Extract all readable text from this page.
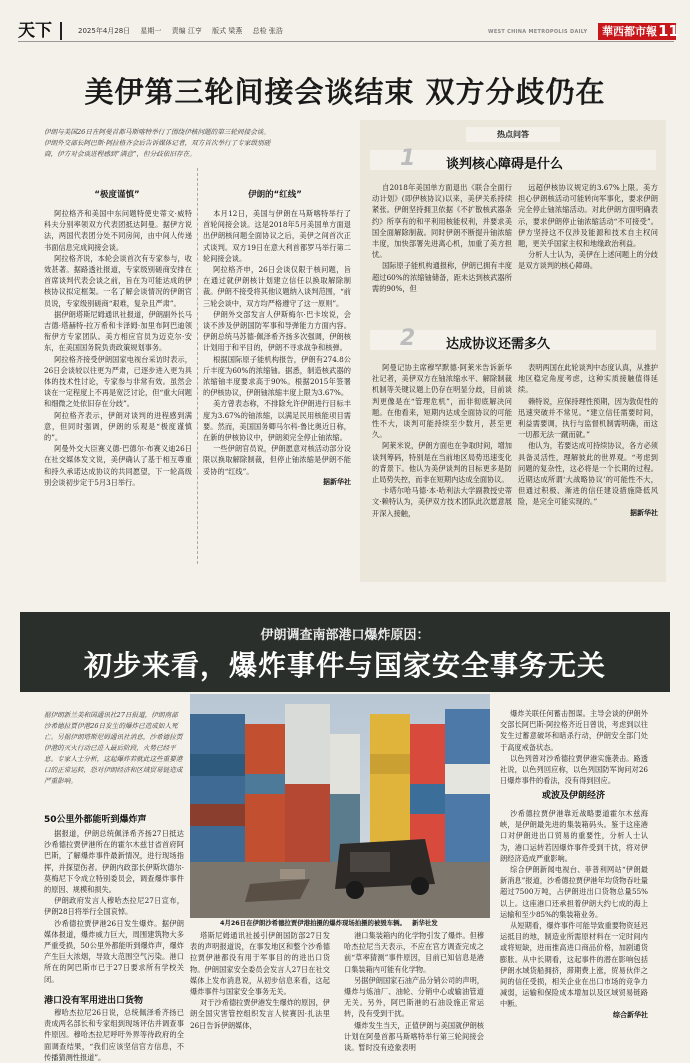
天下	2025年4月28日 星期一 责编 江亨 版式 梁燕 总检 张浩	WEST CHINA METROPOLIS DAILY	華西都市報 11
美伊第三轮间接会谈结束 双方分歧仍在
伊朗与美国26日在阿曼首都马斯喀特举行了围绕伊核问题的第三轮间接会谈。伊朗外交部长阿巴斯·阿拉格齐会后告诉媒体记者，双方首次举行了专家级别磋商，伊方对会谈进程感到“满意”，但分歧依旧存在。
“极度谨慎”

阿拉格齐和美国中东问题特使史蒂文·威特科夫分别率领双方代表团抵达阿曼。据伊方说法，两国代表团分处不同房间，由中间人传递书面信息完成间接会谈。

阿拉格齐说，本轮会谈首次有专家参与，收效甚著。据路透社报道，专家级别磋商安排在首席谈判代表会谈之前，旨在为可能达成的伊核协议拟定框架。一名了解会谈情况的伊朗官员说，专家级别磋商“艰难，复杂且严肃”。

据伊朗塔斯尼姆通讯社报道，伊朗副外长马吉德·塔赫特-拉万希和卡泽姆·加里布阿巴迪领衔伊方专家团队。美方相应官员为迈克尔·安东，在美国国务院负责政策规划事务。

阿拉格齐接受伊朗国家电视台采访时表示，26日会谈较以往更为严肃，已逐步进入更为具体的技术性讨论，专家参与非常有效。虽然会谈在一定程度上不再是宽泛讨论，但“重大问题和细微之处依旧存在分歧”。

阿拉格齐表示，伊朗对谈判的进程感到满意，但同时强调，伊朗的乐观是“极度谨慎的”。

阿曼外交大臣赛义德·巴德尔·布赛义迪26日在社交媒体发文说，美伊确认了基于相互尊重和持久承诺达成协议的共同愿望，下一轮高级别会谈初步定于5月3日举行。

伊朗的“红线”

本月12日，美国与伊朗在马斯喀特举行了首轮间接会谈。这是2018年5月美国单方面退出伊朗核问题全面协议之后，美伊之间首次正式谈判。双方19日在意大利首都罗马举行第二轮间接会谈。

阿拉格齐申，26日会谈仅限于核问题，旨在通过就伊朗核计划建立信任以换取解除制裁。伊朗不接受将其他议题纳入谈判范围，“前三轮会谈中，双方均严格遵守了这一原则”。

伊朗外交部发言人伊斯梅尔·巴卡埃说，会谈不涉及伊朗国防军事和导弹能力方面内容。伊朗总统马苏德·佩泽希齐扬多次强调，伊朗核计划用于和平目的，伊朗不寻求战争和核弹。

根据国际原子能机构报告，伊朗有274.8公斤丰度为60%的浓缩铀。据悉，制造核武器的浓缩铀丰度要求高于90%。根据2015年签署的伊核协议，伊朗铀浓缩丰度上限为3.67%。

美方曾表态称，不排除允许伊朗进行目标丰度为3.67%的铀浓缩，以满足民用核能项目需要。然而，美国国务卿马尔科·鲁比奥近日称，在新的伊核协议中，伊朗须完全停止铀浓缩。

一些伊朗官员说，伊朗愿意对核活动部分设限以换取解除制裁，但停止铀浓缩是伊朗不能妥协的“红线”。

据新华社

热点问答
1 谈判核心障碍是什么

自2018年美国单方面退出《联合全面行动计划》(即伊核协议)以来，美伊关系持续紧张。伊朗坚持拥卫依据《不扩散核武器条约》所享有的和平利用核能权利，并要求美国全面解除制裁。同时伊朗不断提升铀浓缩丰度，加快部署先进离心机，加重了美方担忧。

国际原子能机构通报称，伊朗已拥有丰度超过60%的浓缩铀储备，距未达到核武器所需的90%，但

远超伊核协议规定的3.67%上限。美方担心伊朗核活动可能转向军事化，要求伊朗完全停止铀浓缩活动。对此伊朗方面明确表示，要求伊朗停止铀浓缩活动“不可接受”。伊方坚持这不仅涉及能源和技术自主权问题，更关乎国家主权和地缘政治利益。

分析人士认为，美伊在上述问题上的分歧是双方谈判的核心障碍。

2 达成协议还需多久

阿曼记协主席穆罕默德·阿莱米告诉新华社记者，美伊双方在铀浓缩水平、解除制裁机制等关键议题上仍存在明显分歧，目前谈判更像是在“管理危机”，而非彻底解决问题。在他看来，短期内达成全面协议的可能性不大，谈判可能持续至少数月，甚至更久。

阿莱米说，伊朗方面也在争取时间，增加谈判筹码，特别是在当前地区局势迅速变化的背景下。他认为美伊谈判的目标更多是防止局势失控，而非在短期内达成全面协议。

卡塔尔哈马德·本·哈利法大学副教授史蒂文·赖特认为，美伊双方技术团队此次愿意展开深入接触，

表明两国在此轮谈判中态度认真，从推护地区稳定角度考虑，这种实质接触值得延续。

赖特说，应保持理性预期，因为敦促性的迅速突破并不常见。“建立信任需要时间，利益需要调，执行与监督机制需明确，而这一切都无法一蹴而就。”

他认为，若要达成可持续协议，各方必须具备灵活性，理解彼此的世界观。“考虑到问题的复杂性，这必将是一个长期的过程。近期达成所谓‘大战略协议’的可能性不大，但通过积极、渐进的信任建设措施降低风险，是完全可能实现的。”

据新华社

伊朗调查南部港口爆炸原因：
初步来看，爆炸事件与国家安全事务无关
据伊朗新兰美和国通讯社27日报道，伊朗南部沙希德拉贾伊港26日发生的爆炸已造成如人死亡。另据伊朗塔斯尼姆通讯社消息，沙希德拉贾伊港的灭火行动已进入最后阶段，火势已经平息。专家人士分析，这起爆炸若就此这些重要港口的正常运转，恐对伊朗经济和区域贸易链造成严重影响。
50公里外都能听到爆炸声

据报道，伊朗总统佩泽希齐扬27日抵达沙希德拉贾伊港所在的霍尔木兹甘省首府阿巴斯，了解爆炸事件最新情况，进行现场指挥，并探望伤者。伊朗内政部长伊斯坎德尔·莫梅尼下令成立特别委员会，调查爆炸事件的原因、规模和损失。

伊朗政府发言人穆哈杰拉尼27日宣布，伊朗28日将举行全国哀悼。

沙希德拉贾伊港26日发生爆炸。据伊朗媒体报道，爆炸威力巨大，周围建筑物大多严重受损，50公里外都能听到爆炸声，爆炸产生巨大浓烟，导致大范围空气污染。港口所在的阿巴斯市已于27日要求所有学校关闭。

港口没有军用进出口货物

穆哈杰拉尼26日说，总统佩泽希齐扬已责成两名部长和专家组到现场评估并调查事件原因。穆哈杰拉尼呼吁外界等待政府的全面调查结果，“我们应该坚信官方信息，不传播猜测性报道”。

4月26日在伊朗沙希德拉贾伊港拍摄的爆炸现场拍摄的被毁车辆。 新华社发

塔斯尼姆通讯社援引伊朗国防部27日发表的声明报道说，在事发地区和整个沙希德拉贾伊港都没有用于军事目的的进出口货物。伊朗国家安全委员会发言人27日在社交媒体上发布消息说，从初步信息来看，这起爆炸事件与国家安全事务无关。

对于沙希德拉贾伊港发生爆炸的原因，伊朗全国灾害管控组织发言人侯赛因·扎法里26日告诉伊朗媒体，

港口集装箱内的化学物引发了爆炸。但穆哈杰拉尼当天表示，不应在官方调查完成之前“草率猜测”事件原因，目前已知信息是港口集装箱内可能有化学物。

另据伊朗国家石油产品分销公司的声明，爆炸与炼油厂、油轮、分销中心或输油管道无关。另外，阿巴斯港的石油设施正常运转，没有受到干扰。

爆炸发生当天，正值伊朗与美国就伊朗核计划在阿曼首都马斯喀特举行第三轮间接会谈。暂时没有迹象表明

爆炸关联任何蓄击图谋。主导会谈的伊朗外交部长阿巴斯·阿拉格齐近日曾说，考虑到以往发生过蓄意破坏和暗杀行动，伊朗安全部门处于高度戒备状态。

以色列曾对沙希德拉贾伊港实施袭击。路透社说，以色列回应称，以色列国防军询问对26日爆炸事件的看法，没有得到回应。

或波及伊朗经济

沙希德拉贾伊港靠近战略要道霍尔木兹海峡，是伊朗最先进的集装箱码头。鉴于这座港口对伊朗进出口贸易的重要性，分析人士认为，港口运转若因爆炸事件受到干扰，将对伊朗经济造成严重影响。

综合伊朗新闻电视台、菲普利网站“伊朗最新消息”报道，沙希德拉贾伊港年均货物吞吐量超过7500万吨，占伊朗进出口货物总量55%以上。这座港口还承担着伊朗大约七成的海上运输和至少85%的集装箱业务。

从短期看，爆炸事件可能导致重要物资延迟运抵目的地，制造业所需原材料在一定时间内或将短缺，进而推高进口商品价格，加剧通货膨胀。从中长期看，这起事件的潜在影响包括伊朗水域货船拥挤，滞期费上涨，贸易伙伴之间的信任受损，相关企业在出口市场的竞争力减弱，运输和保险成本增加以及区域贸易链路中断。

综合新华社
